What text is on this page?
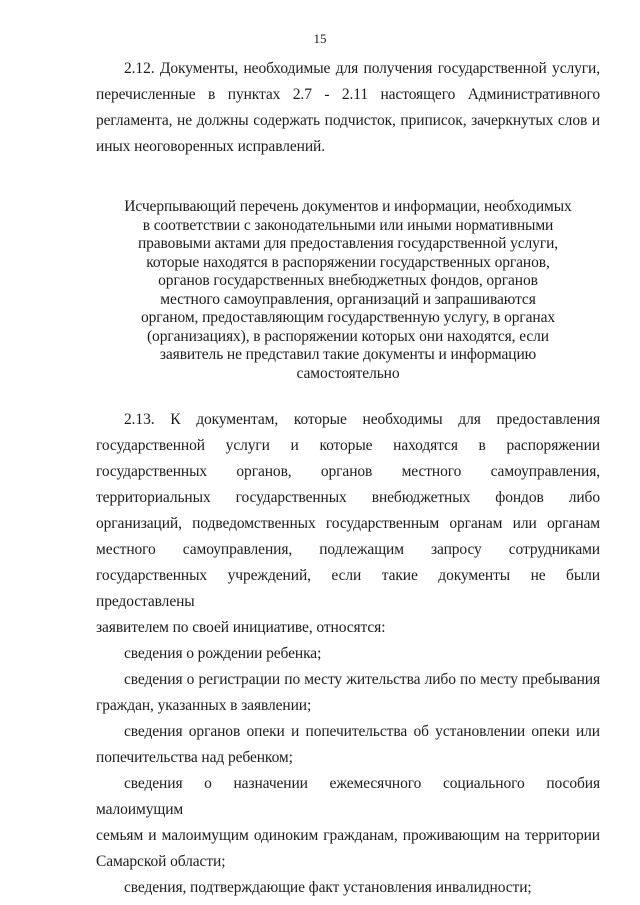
15
2.12. Документы, необходимые для получения государственной услуги,
перечисленные в пунктах 2.7 - 2.11 настоящего Административного
регламента, не должны содержать подчисток, приписок, зачеркнутых слов и
иных неоговоренных исправлений.
Исчерпывающий перечень документов и информации, необходимых
в соответствии с законодательными или иными нормативными
правовыми актами для предоставления государственной услуги,
которые находятся в распоряжении государственных органов,
органов государственных внебюджетных фондов, органов
местного самоуправления, организаций и запрашиваются
органом, предоставляющим государственную услугу, в органах
(организациях), в распоряжении которых они находятся, если
заявитель не представил такие документы и информацию
самостоятельно
2.13. К документам, которые необходимы для предоставления
государственной услуги и которые находятся в распоряжении
государственных органов, органов местного самоуправления,
территориальных государственных внебюджетных фондов либо
организаций, подведомственных государственным органам или органам
местного самоуправления, подлежащим запросу сотрудниками
государственных учреждений, если такие документы не были предоставлены
заявителем по своей инициативе, относятся:
сведения о рождении ребенка;
сведения о регистрации по месту жительства либо по месту пребывания
граждан, указанных в заявлении;
сведения органов опеки и попечительства об установлении опеки или
попечительства над ребенком;
сведения о назначении ежемесячного социального пособия малоимущим
семьям и малоимущим одиноким гражданам, проживающим на территории
Самарской области;
сведения, подтверждающие факт установления инвалидности;
